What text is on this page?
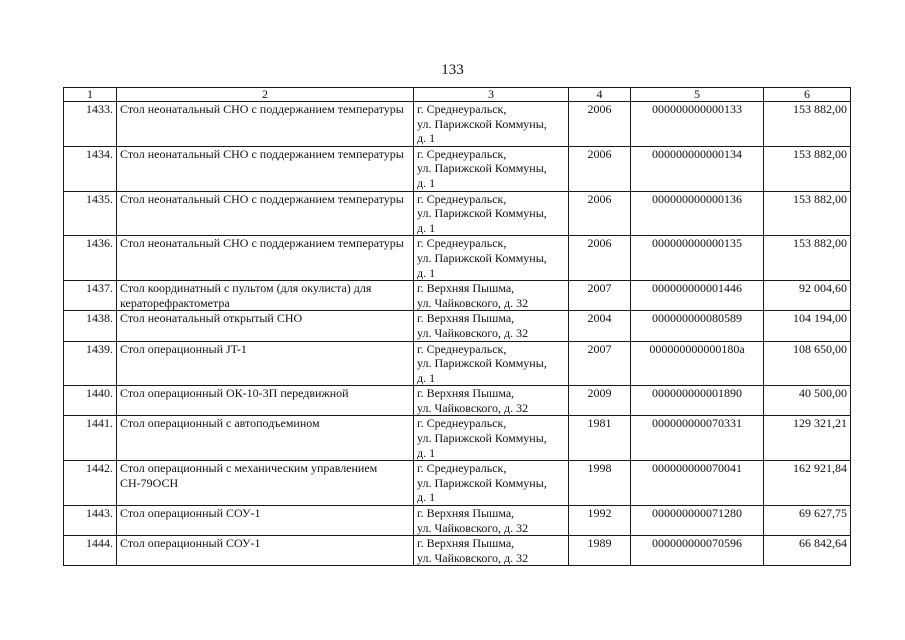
133
1	2	3	4	5	6
1433.	Стол неонатальный СНО с поддержанием температуры	г. Среднеуральск,
ул. Парижской Коммуны,
д. 1	2006	000000000000133	153 882,00
1434.	Стол неонатальный СНО с поддержанием температуры	г. Среднеуральск,
ул. Парижской Коммуны,
д. 1	2006	000000000000134	153 882,00
1435.	Стол неонатальный СНО с поддержанием температуры	г. Среднеуральск,
ул. Парижской Коммуны,
д. 1	2006	000000000000136	153 882,00
1436.	Стол неонатальный СНО с поддержанием температуры	г. Среднеуральск,
ул. Парижской Коммуны,
д. 1	2006	000000000000135	153 882,00
1437.	Стол координатный с пультом (для окулиста) для кераторефрактометра	г. Верхняя Пышма,
ул. Чайковского, д. 32	2007	000000000001446	92 004,60
1438.	Стол неонатальный открытый СНО	г. Верхняя Пышма,
ул. Чайковского, д. 32	2004	000000000080589	104 194,00
1439.	Стол операционный JT-1	г. Среднеуральск,
ул. Парижской Коммуны,
д. 1	2007	000000000000180а	108 650,00
1440.	Стол операционный ОК-10-3П передвижной	г. Верхняя Пышма,
ул. Чайковского, д. 32	2009	000000000001890	40 500,00
1441.	Стол операционный с автоподъемином	г. Среднеуральск,
ул. Парижской Коммуны,
д. 1	1981	000000000070331	129 321,21
1442.	Стол операционный с механическим управлением СН-79ОСН	г. Среднеуральск,
ул. Парижской Коммуны,
д. 1	1998	000000000070041	162 921,84
1443.	Стол операционный СОУ-1	г. Верхняя Пышма,
ул. Чайковского, д. 32	1992	000000000071280	69 627,75
1444.	Стол операционный СОУ-1	г. Верхняя Пышма,
ул. Чайковского, д. 32	1989	000000000070596	66 842,64
